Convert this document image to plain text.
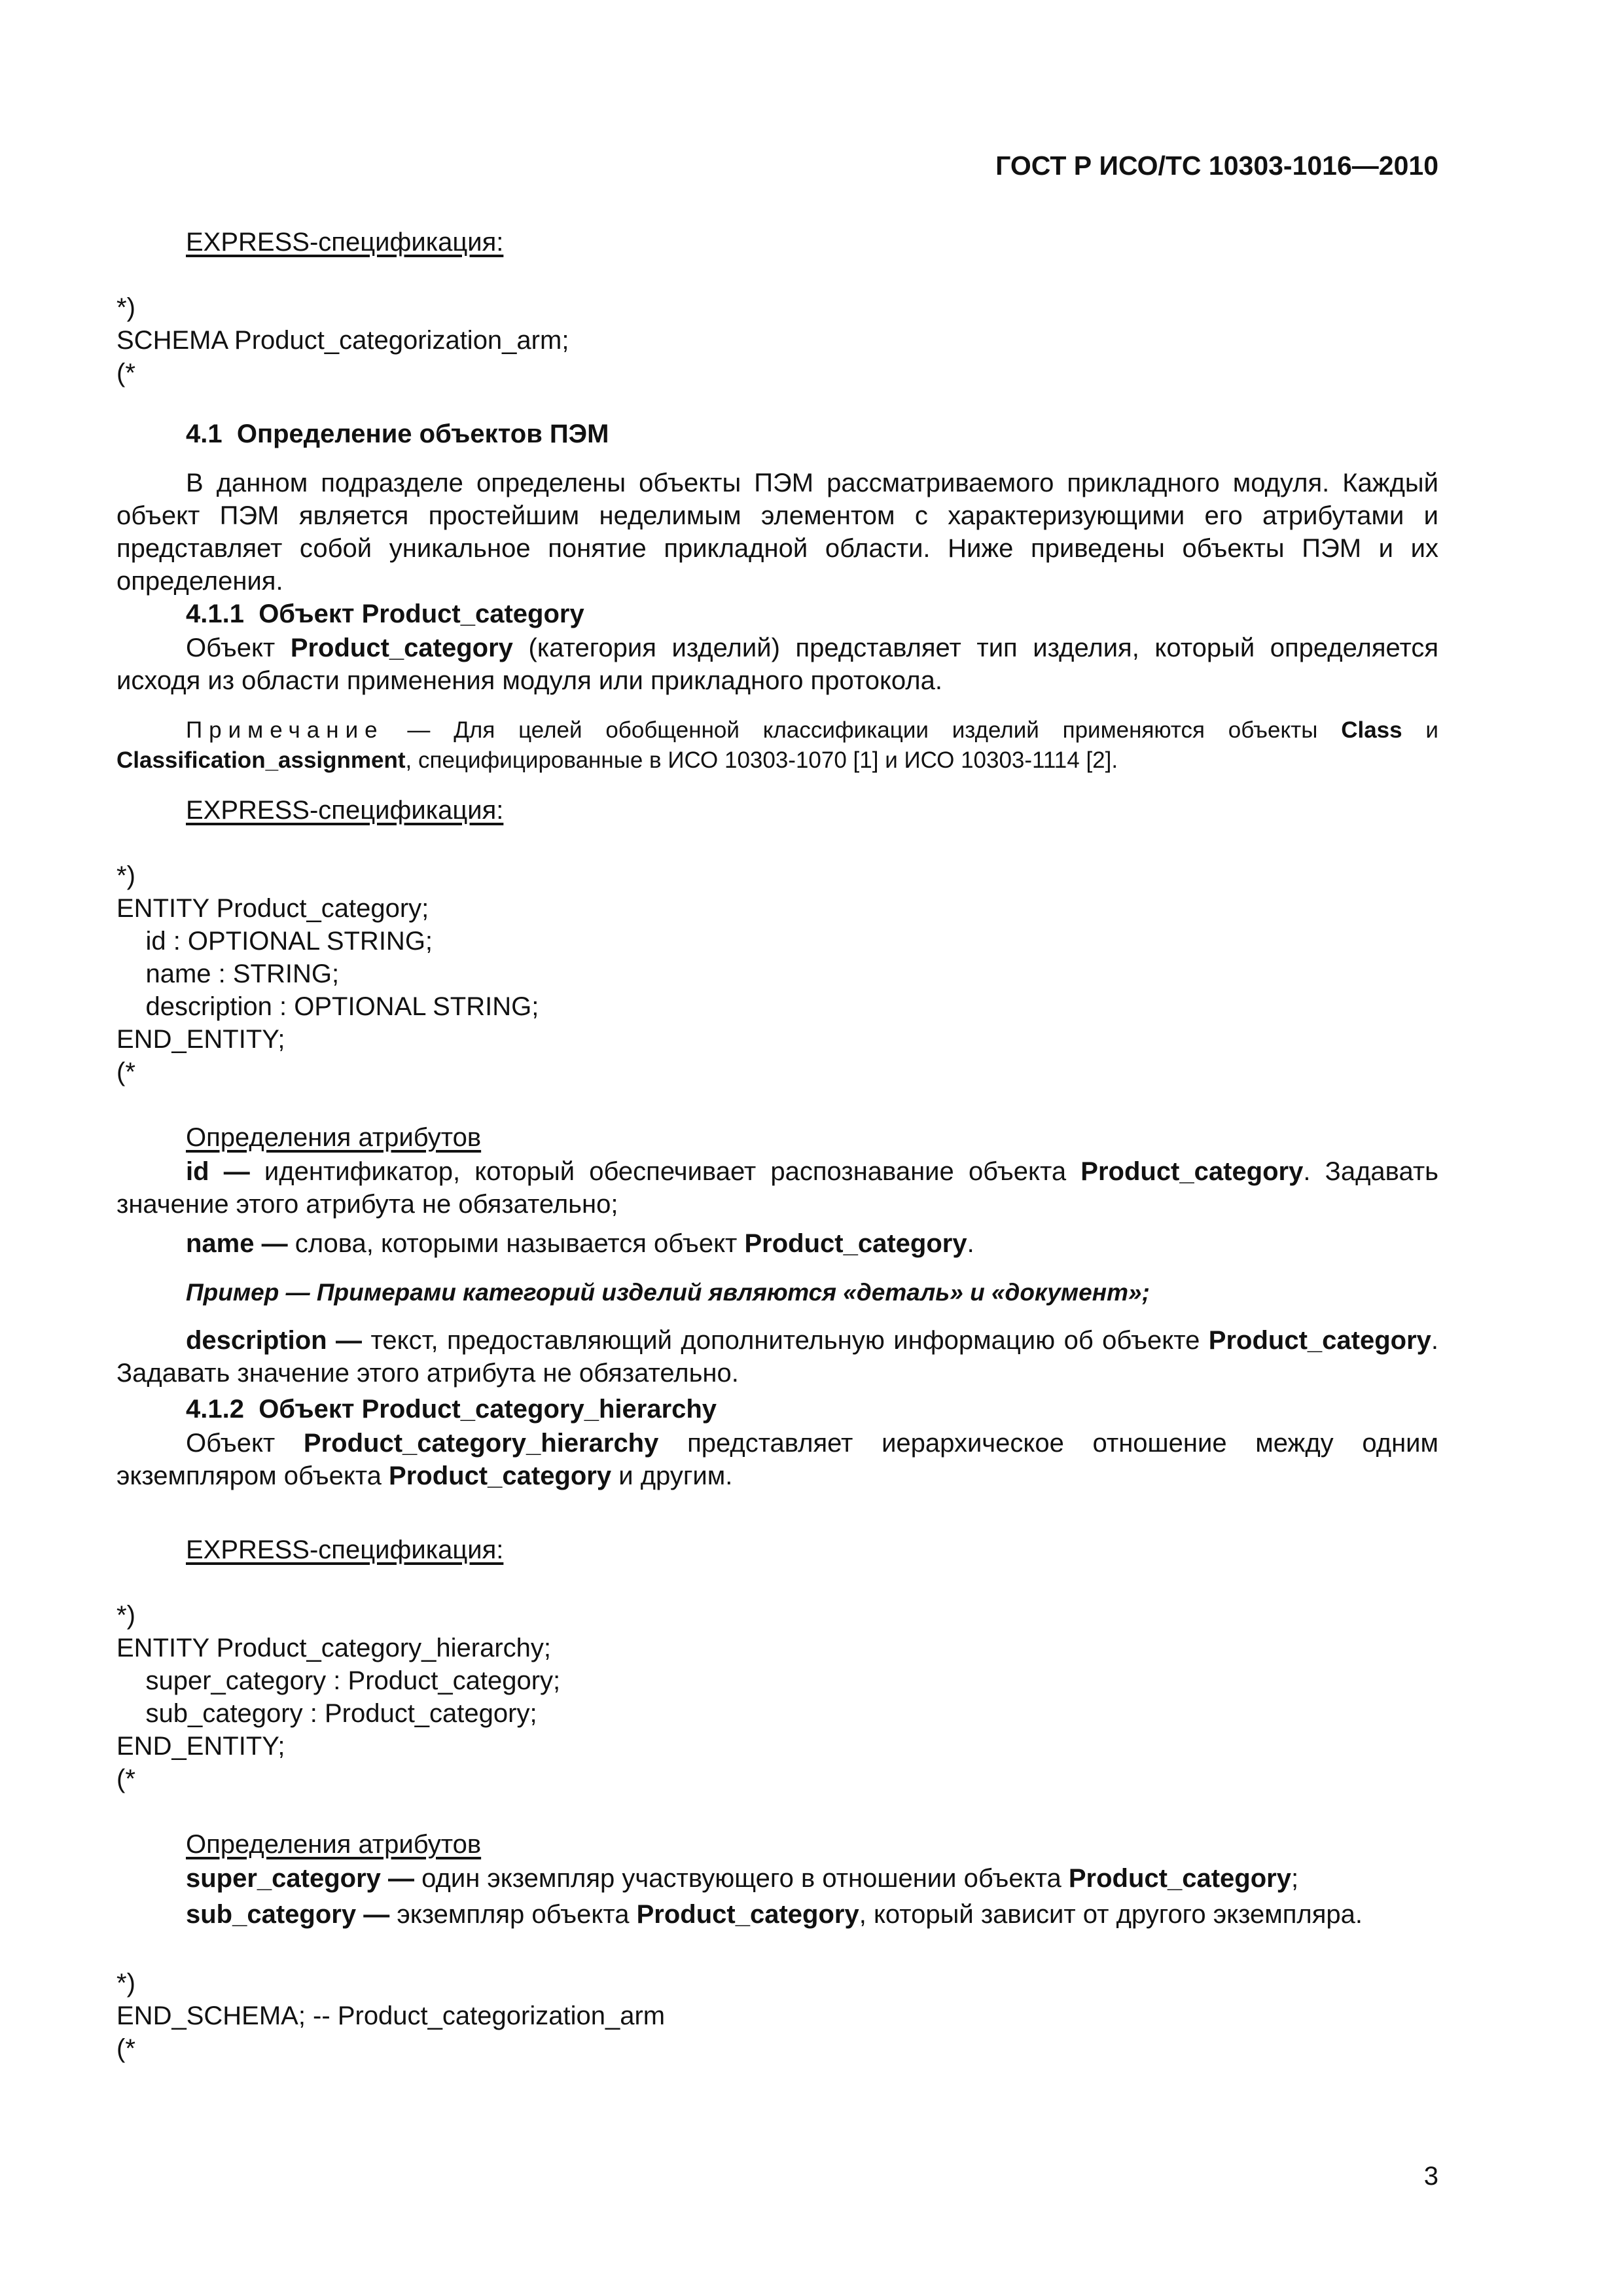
ГОСТ Р ИСО/ТС 10303-1016—2010
EXPRESS-спецификация:
*)
SCHEMA Product_categorization_arm;
(*
4.1  Определение объектов ПЭМ

В данном подразделе определены объекты ПЭМ рассматриваемого прикладного модуля. Каждый объект ПЭМ является простейшим неделимым элементом с характеризующими его атрибутами и представляет собой уникальное понятие прикладной области. Ниже приведены объекты ПЭМ и их определения.

4.1.1  Объект Product_category

Объект Product_category (категория изделий) представляет тип изделия, который определяется исходя из области применения модуля или прикладного протокола.

Примечание — Для целей обобщенной классификации изделий применяются объекты Class и Classification_assignment, специфицированные в ИСО 10303-1070 [1] и ИСО 10303-1114 [2].

EXPRESS-спецификация:
*)
ENTITY Product_category;
id : OPTIONAL STRING;
name : STRING;
description : OPTIONAL STRING;
END_ENTITY;
(*
Определения атрибутов

id — идентификатор, который обеспечивает распознавание объекта Product_category. Задавать значение этого атрибута не обязательно;

name — слова, которыми называется объект Product_category.

Пример — Примерами категорий изделий являются «деталь» и «документ»;

description — текст, предоставляющий дополнительную информацию об объекте Product_category. Задавать значение этого атрибута не обязательно.

4.1.2  Объект Product_category_hierarchy

Объект Product_category_hierarchy представляет иерархическое отношение между одним экземпляром объекта Product_category и другим.

EXPRESS-спецификация:
*)
ENTITY Product_category_hierarchy;
super_category : Product_category;
sub_category : Product_category;
END_ENTITY;
(*
Определения атрибутов

super_category — один экземпляр участвующего в отношении объекта Product_category;

sub_category — экземпляр объекта Product_category, который зависит от другого экземпляра.

*)
END_SCHEMA; -- Product_categorization_arm
(*
3
